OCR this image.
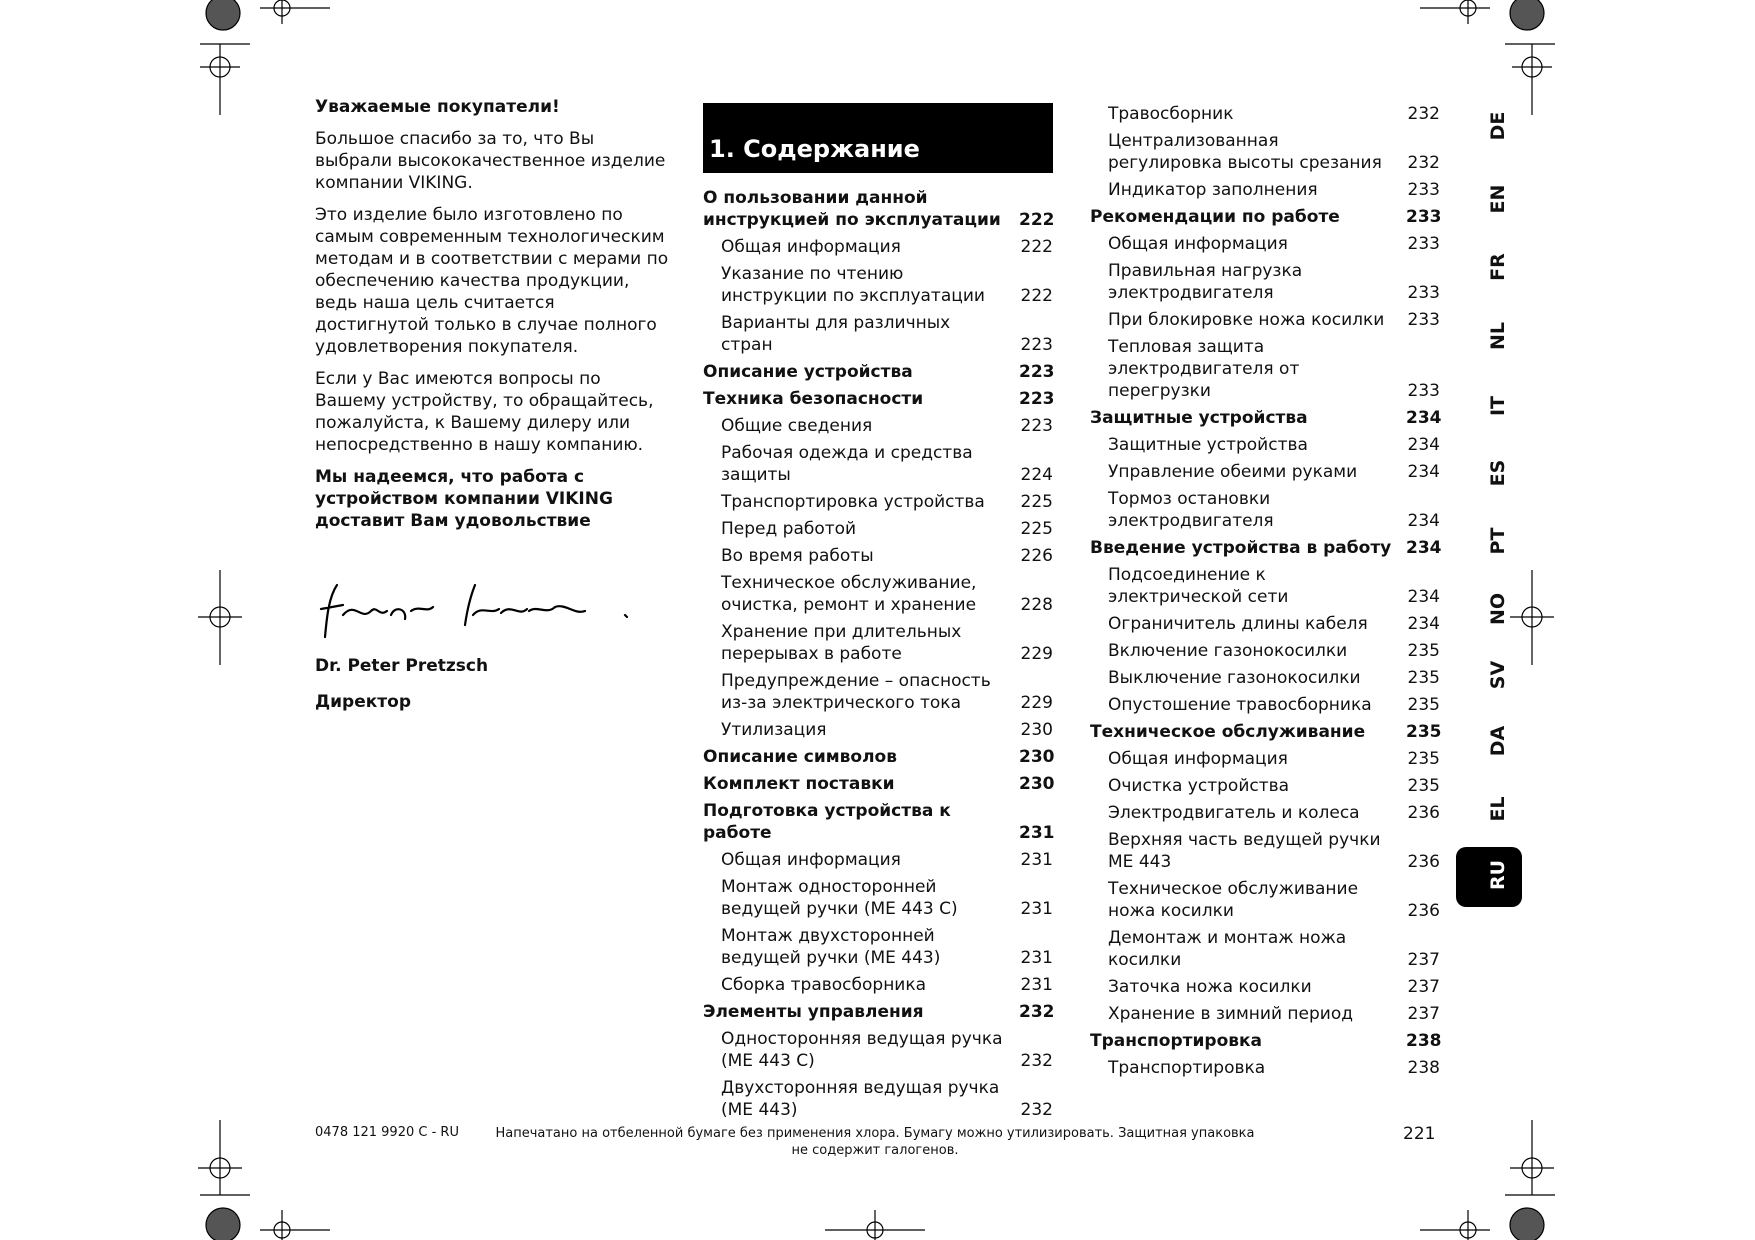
Уважаемые покупатели!

Большое спасибо за то, что Вы выбрали высококачественное изделие компании VIKING.

Это изделие было изготовлено по самым современным технологическим методам и в соответствии с мерами по обеспечению качества продукции, ведь наша цель считается достигнутой только в случае полного удовлетворения покупателя.

Если у Вас имеются вопросы по Вашему устройству, то обращайтесь, пожалуйста, к Вашему дилеру или непосредственно в нашу компанию.

Мы надеемся, что работа с устройством компании VIKING доставит Вам удовольствие

Dr. Peter Pretzsch
Директор
1. Содержание
О пользовании данной инструкцией по эксплуатации	222
Общая информация	222
Указание по чтению инструкции по эксплуатации	222
Варианты для различных стран	223
Описание устройства	223
Техника безопасности	223
Общие сведения	223
Рабочая одежда и средства защиты	224
Транспортировка устройства	225
Перед работой	225
Во время работы	226
Техническое обслуживание, очистка, ремонт и хранение	228
Хранение при длительных перерывах в работе	229
Предупреждение – опасность из-за электрического тока	229
Утилизация	230
Описание символов	230
Комплект поставки	230
Подготовка устройства к работе	231
Общая информация	231
Монтаж односторонней ведущей ручки (ME 443 C)	231
Монтаж двухсторонней ведущей ручки (ME 443)	231
Сборка травосборника	231
Элементы управления	232
Односторонняя ведущая ручка (ME 443 C)	232
Двухсторонняя ведущая ручка (ME 443)	232
Травосборник	232
Централизованная регулировка высоты срезания	232
Индикатор заполнения	233
Рекомендации по работе	233
Общая информация	233
Правильная нагрузка электродвигателя	233
При блокировке ножа косилки	233
Тепловая защита электродвигателя от перегрузки	233
Защитные устройства	234
Защитные устройства	234
Управление обеими руками	234
Тормоз остановки электродвигателя	234
Введение устройства в работу 234
Подсоединение к электрической сети	234
Ограничитель длины кабеля	234
Включение газонокосилки	235
Выключение газонокосилки	235
Опустошение травосборника	235
Техническое обслуживание	235
Общая информация	235
Очистка устройства	235
Электродвигатель и колеса	236
Верхняя часть ведущей ручки ME 443	236
Техническое обслуживание ножа косилки	236
Демонтаж и монтаж ножа косилки	237
Заточка ножа косилки	237
Хранение в зимний период	237
Транспортировка	238
Транспортировка	238
DE
EN
FR
NL
IT
ES
PT
NO
SV
DA
EL
RU
0478 121 9920 C - RU	Напечатано на отбеленной бумаге без применения хлора. Бумагу можно утилизировать. Защитная упаковка не содержит галогенов.
221
